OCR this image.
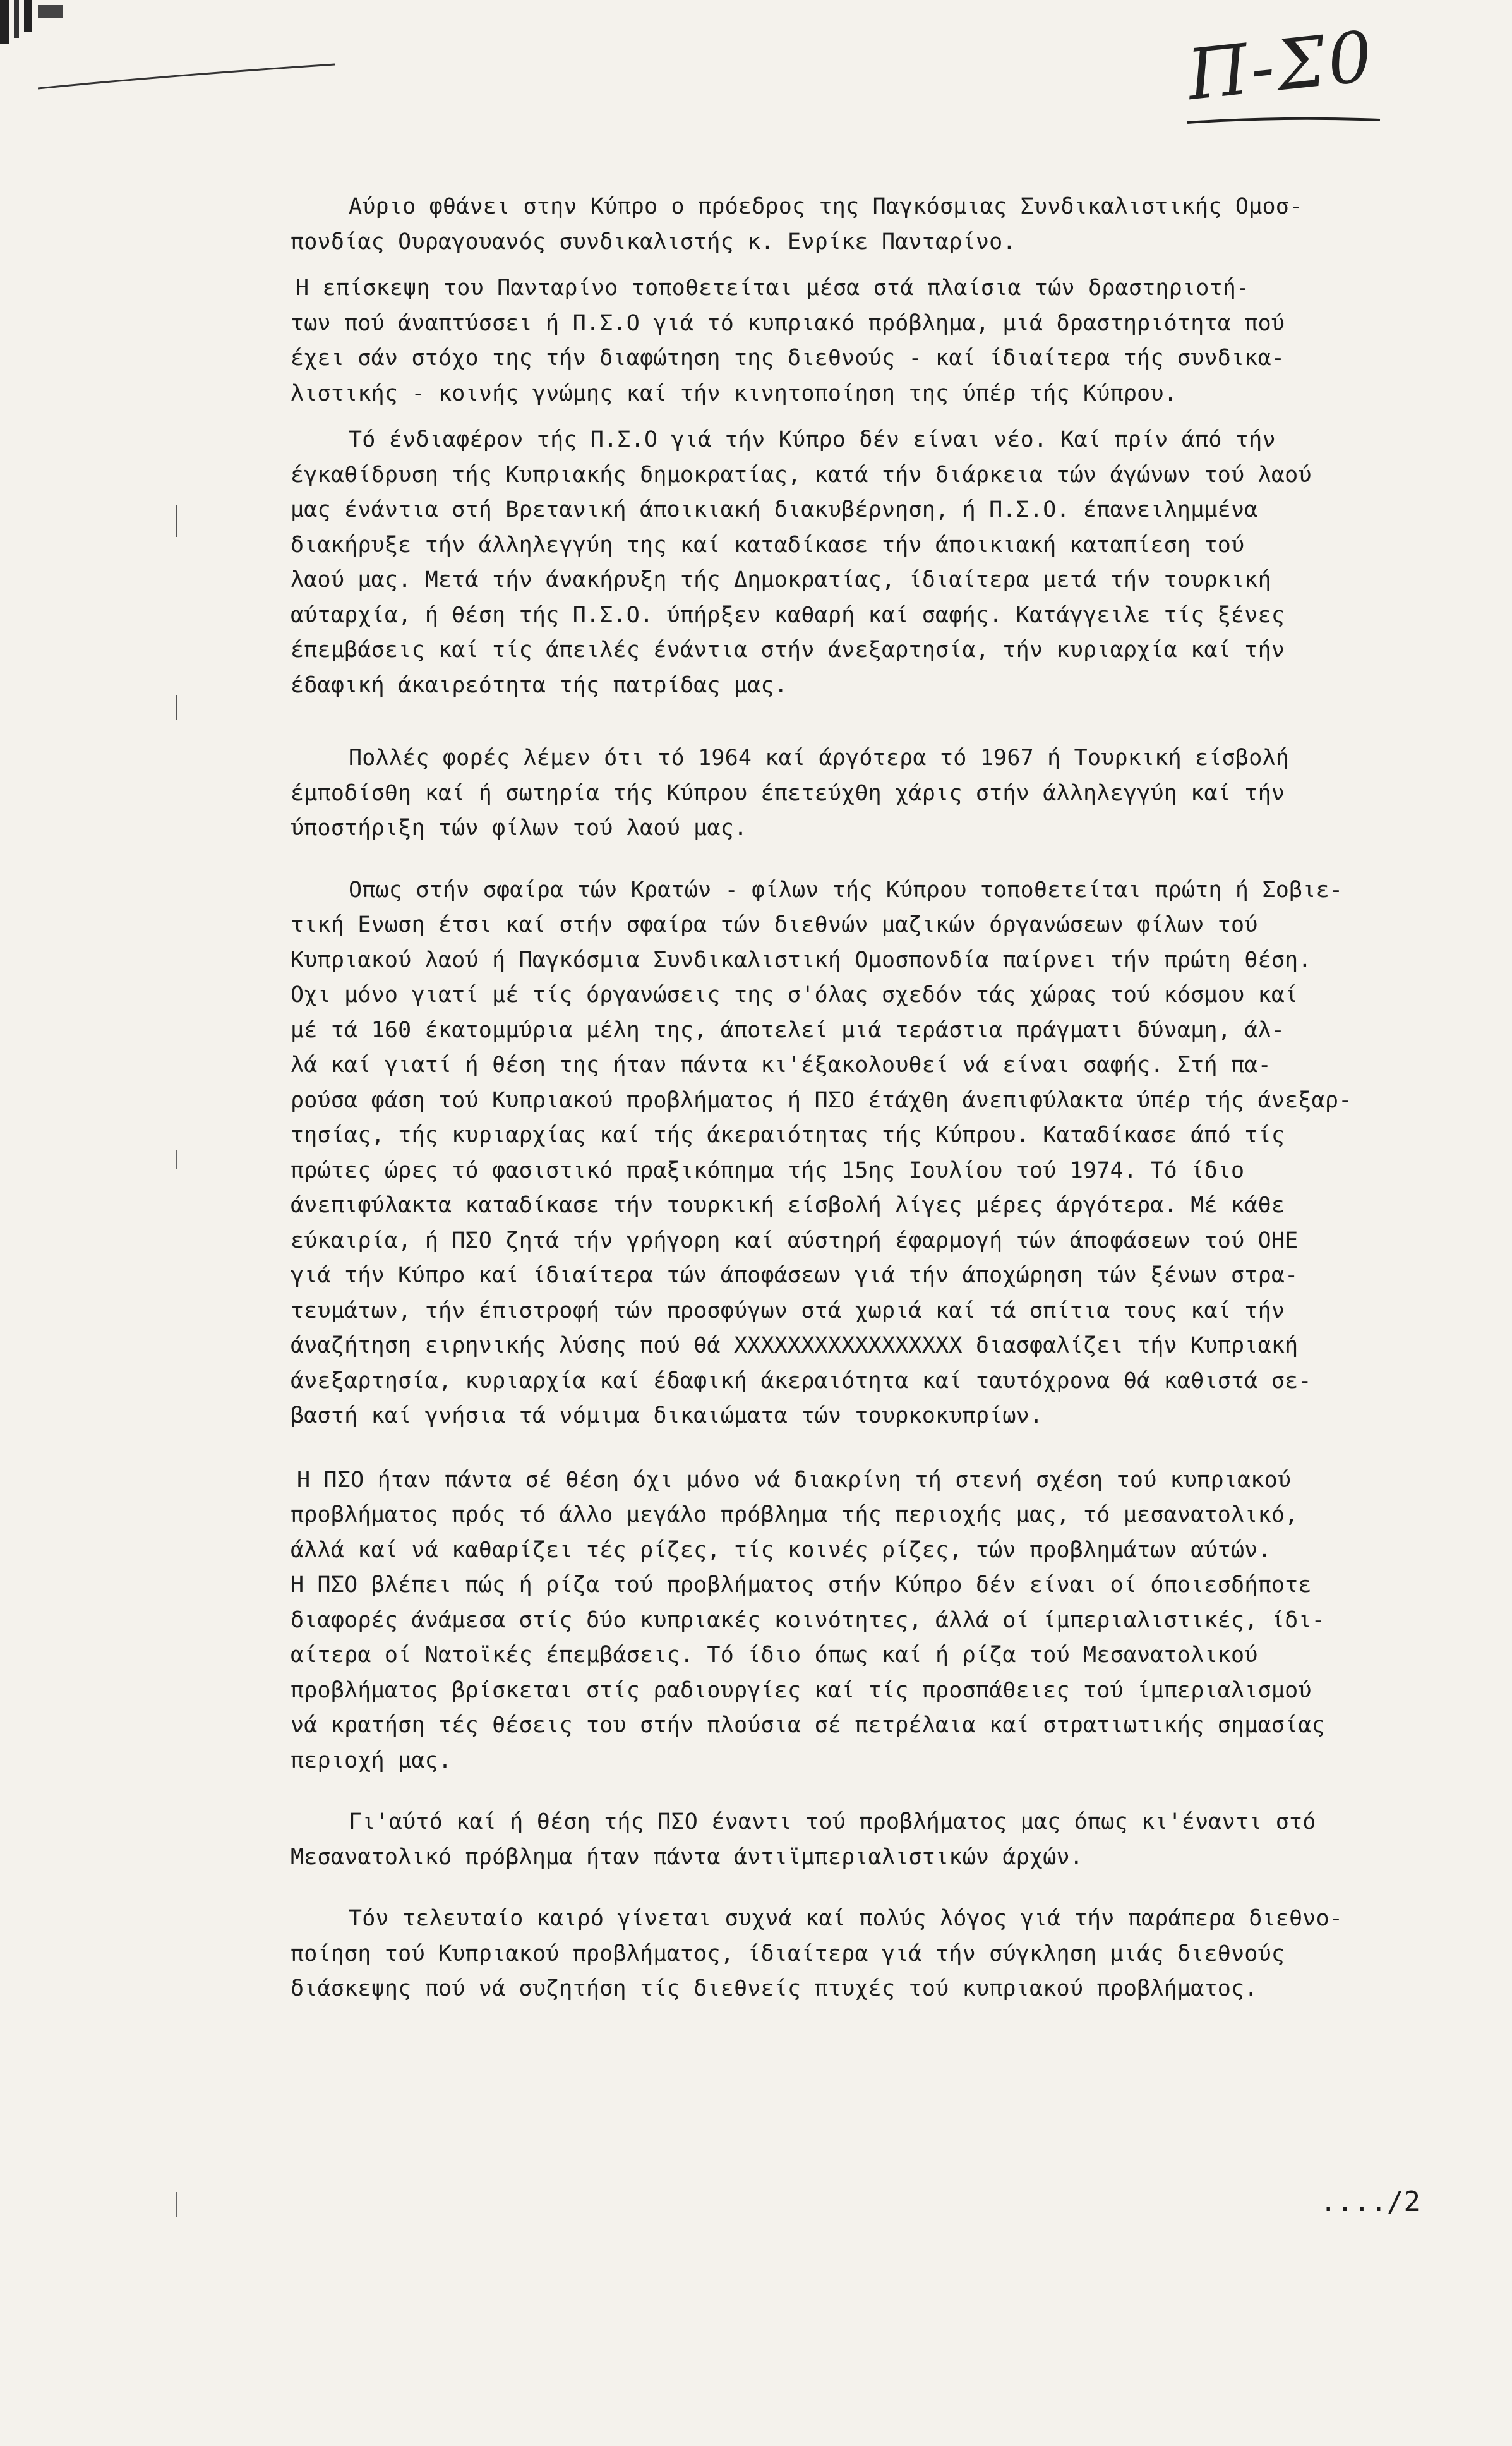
Π-Σ0

Αύριο φθάνει στην Κύπρο ο πρόεδρος της Παγκόσμιας Συνδικαλιστικής Ομοσ-
πονδίας Ουραγουανός συνδικαλιστής κ. Ενρίκε Πανταρίνο.

Η επίσκεψη του Πανταρίνο τοποθετείται μέσα στά πλαίσια τών δραστηριοτή-
των πού άναπτύσσει ή Π.Σ.Ο γιά τό κυπριακό πρόβλημα, μιά δραστηριότητα πού
έχει σάν στόχο της τήν διαφώτηση της διεθνούς - καί ίδιαίτερα τής συνδικα-
λιστικής - κοινής γνώμης καί τήν κινητοποίηση της ύπέρ τής Κύπρου.

Τό ένδιαφέρον τής Π.Σ.Ο γιά τήν Κύπρο δέν είναι νέο. Καί πρίν άπό τήν
έγκαθίδρυση τής Κυπριακής δημοκρατίας, κατά τήν διάρκεια τών άγώνων τού λαού
μας ένάντια στή Βρετανική άποικιακή διακυβέρνηση, ή Π.Σ.Ο. έπανειλημμένα
διακήρυξε τήν άλληλεγγύη της καί καταδίκασε τήν άποικιακή καταπίεση τού
λαού μας. Μετά τήν άνακήρυξη τής Δημοκρατίας, ίδιαίτερα μετά τήν τουρκική
αύταρχία, ή θέση τής Π.Σ.Ο. ύπήρξεν καθαρή καί σαφής. Κατάγγειλε τίς ξένες
έπεμβάσεις καί τίς άπειλές ένάντια στήν άνεξαρτησία, τήν κυριαρχία καί τήν
έδαφική άκαιρεότητα τής πατρίδας μας.

Πολλές φορές λέμεν ότι τό 1964 καί άργότερα τό 1967 ή Τουρκική είσβολή
έμποδίσθη καί ή σωτηρία τής Κύπρου έπετεύχθη χάρις στήν άλληλεγγύη καί τήν
ύποστήριξη τών φίλων τού λαού μας.

Οπως στήν σφαίρα τών Κρατών - φίλων τής Κύπρου τοποθετείται πρώτη ή Σοβιε-
τική Ενωση έτσι καί στήν σφαίρα τών διεθνών μαζικών όργανώσεων φίλων τού
Κυπριακού λαού ή Παγκόσμια Συνδικαλιστική Ομοσπονδία παίρνει τήν πρώτη θέση.
Οχι μόνο γιατί μέ τίς όργανώσεις της σ'όλας σχεδόν τάς χώρας τού κόσμου καί
μέ τά 160 έκατομμύρια μέλη της, άποτελεί μιά τεράστια πράγματι δύναμη, άλ-
λά καί γιατί ή θέση της ήταν πάντα κι'έξακολουθεί νά είναι σαφής. Στή πα-
ρούσα φάση τού Κυπριακού προβλήματος ή ΠΣΟ έτάχθη άνεπιφύλακτα ύπέρ τής άνεξαρ-
τησίας, τής κυριαρχίας καί τής άκεραιότητας τής Κύπρου. Καταδίκασε άπό τίς
πρώτες ώρες τό φασιστικό πραξικόπημα τής 15ης Ιουλίου τού 1974. Τό ίδιο
άνεπιφύλακτα καταδίκασε τήν τουρκική είσβολή λίγες μέρες άργότερα. Μέ κάθε
εύκαιρία, ή ΠΣΟ ζητά τήν γρήγορη καί αύστηρή έφαρμογή τών άποφάσεων τού ΟΗΕ
γιά τήν Κύπρο καί ίδιαίτερα τών άποφάσεων γιά τήν άποχώρηση τών ξένων στρα-
τευμάτων, τήν έπιστροφή τών προσφύγων στά χωριά καί τά σπίτια τους καί τήν
άναζήτηση ειρηνικής λύσης πού θά XXXXXXXXXXXXXXXXX διασφαλίζει τήν Κυπριακή
άνεξαρτησία, κυριαρχία καί έδαφική άκεραιότητα καί ταυτόχρονα θά καθιστά σε-
βαστή καί γνήσια τά νόμιμα δικαιώματα τών τουρκοκυπρίων.

Η ΠΣΟ ήταν πάντα σέ θέση όχι μόνο νά διακρίνη τή στενή σχέση τού κυπριακού
προβλήματος πρός τό άλλο μεγάλο πρόβλημα τής περιοχής μας, τό μεσανατολικό,
άλλά καί νά καθαρίζει τές ρίζες, τίς κοινές ρίζες, τών προβλημάτων αύτών.
Η ΠΣΟ βλέπει πώς ή ρίζα τού προβλήματος στήν Κύπρο δέν είναι οί όποιεσδήποτε
διαφορές άνάμεσα στίς δύο κυπριακές κοινότητες, άλλά οί ίμπεριαλιστικές, ίδι-
αίτερα οί Νατοϊκές έπεμβάσεις. Τό ίδιο όπως καί ή ρίζα τού Μεσανατολικού
προβλήματος βρίσκεται στίς ραδιουργίες καί τίς προσπάθειες τού ίμπεριαλισμού
νά κρατήση τές θέσεις του στήν πλούσια σέ πετρέλαια καί στρατιωτικής σημασίας
περιοχή μας.

Γι'αύτό καί ή θέση τής ΠΣΟ έναντι τού προβλήματος μας όπως κι'έναντι στό
Μεσανατολικό πρόβλημα ήταν πάντα άντιϊμπεριαλιστικών άρχών.

Τόν τελευταίο καιρό γίνεται συχνά καί πολύς λόγος γιά τήν παράπερα διεθνο-
ποίηση τού Κυπριακού προβλήματος, ίδιαίτερα γιά τήν σύγκληση μιάς διεθνούς
διάσκεψης πού νά συζητήση τίς διεθνείς πτυχές τού κυπριακού προβλήματος.

..../2
